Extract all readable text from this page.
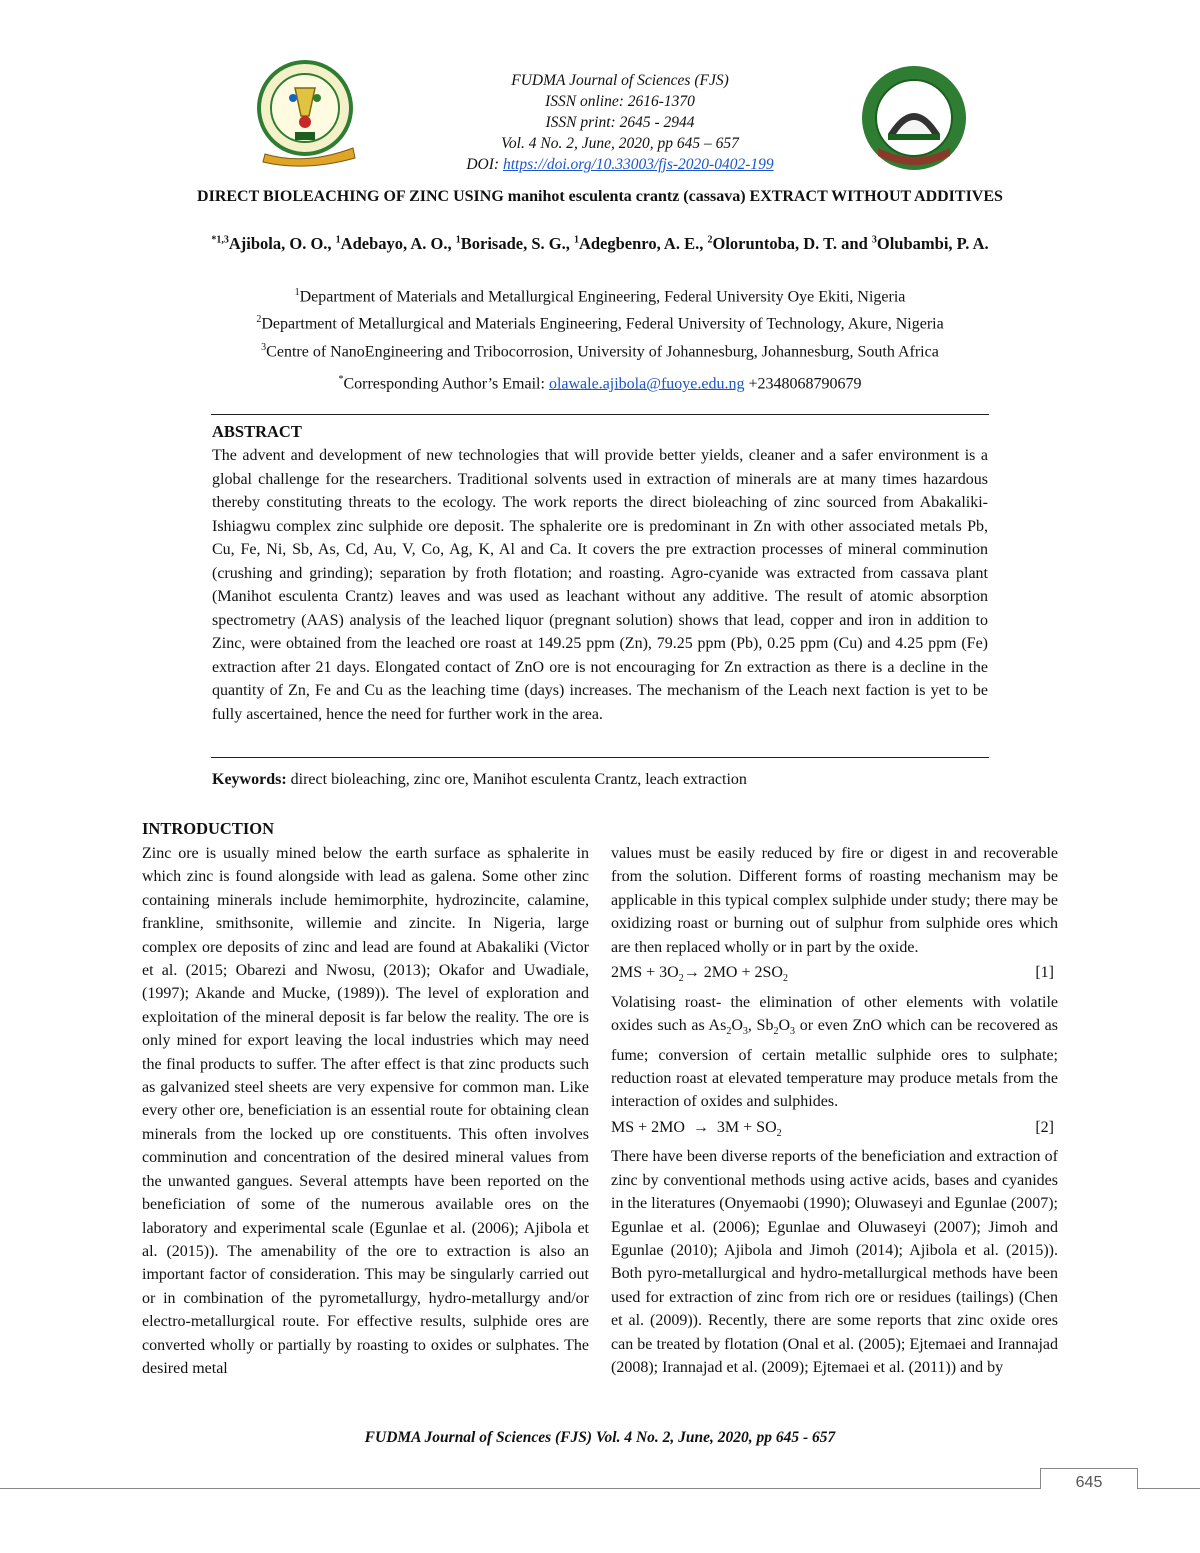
FUDMA Journal of Sciences (FJS)
ISSN online: 2616-1370
ISSN print: 2645 - 2944
Vol. 4 No. 2, June, 2020, pp 645 – 657
DOI: https://doi.org/10.33003/fjs-2020-0402-199
DIRECT BIOLEACHING OF ZINC USING manihot esculenta crantz (cassava) EXTRACT WITHOUT ADDITIVES
$^{*1,3}$Ajibola, O. O., $^1$Adebayo, A. O., $^1$Borisade, S. G., $^1$Adegbenro, A. E., $^2$Oloruntoba, D. T. and $^3$Olubambi, P. A.
$^1$Department of Materials and Metallurgical Engineering, Federal University Oye Ekiti, Nigeria
$^2$Department of Metallurgical and Materials Engineering, Federal University of Technology, Akure, Nigeria
$^3$Centre of NanoEngineering and Tribocorrosion, University of Johannesburg, Johannesburg, South Africa
*Corresponding Author’s Email: olawale.ajibola@fuoye.edu.ng +2348068790679
ABSTRACT
The advent and development of new technologies that will provide better yields, cleaner and a safer environment is a global challenge for the researchers. Traditional solvents used in extraction of minerals are at many times hazardous thereby constituting threats to the ecology. The work reports the direct bioleaching of zinc sourced from Abakaliki-Ishiagwu complex zinc sulphide ore deposit. The sphalerite ore is predominant in Zn with other associated metals Pb, Cu, Fe, Ni, Sb, As, Cd, Au, V, Co, Ag, K, Al and Ca. It covers the pre extraction processes of mineral comminution (crushing and grinding); separation by froth flotation; and roasting. Agro-cyanide was extracted from cassava plant (Manihot esculenta Crantz) leaves and was used as leachant without any additive. The result of atomic absorption spectrometry (AAS) analysis of the leached liquor (pregnant solution) shows that lead, copper and iron in addition to Zinc, were obtained from the leached ore roast at 149.25 ppm (Zn), 79.25 ppm (Pb), 0.25 ppm (Cu) and 4.25 ppm (Fe) extraction after 21 days. Elongated contact of ZnO ore is not encouraging for Zn extraction as there is a decline in the quantity of Zn, Fe and Cu as the leaching time (days) increases. The mechanism of the Leach next faction is yet to be fully ascertained, hence the need for further work in the area.
Keywords: direct bioleaching, zinc ore, Manihot esculenta Crantz, leach extraction
INTRODUCTION

Zinc ore is usually mined below the earth surface as sphalerite in which zinc is found alongside with lead as galena. Some other zinc containing minerals include hemimorphite, hydrozincite, calamine, frankline, smithsonite, willemie and zincite. In Nigeria, large complex ore deposits of zinc and lead are found at Abakaliki (Victor et al. (2015; Obarezi and Nwosu, (2013); Okafor and Uwadiale, (1997); Akande and Mucke, (1989)). The level of exploration and exploitation of the mineral deposit is far below the reality. The ore is only mined for export leaving the local industries which may need the final products to suffer. The after effect is that zinc products such as galvanized steel sheets are very expensive for common man. Like every other ore, beneficiation is an essential route for obtaining clean minerals from the locked up ore constituents. This often involves comminution and concentration of the desired mineral values from the unwanted gangues. Several attempts have been reported on the beneficiation of some of the numerous available ores on the laboratory and experimental scale (Egunlae et al. (2006); Ajibola et al. (2015)). The amenability of the ore to extraction is also an important factor of consideration. This may be singularly carried out or in combination of the pyrometallurgy, hydro-metallurgy and/or electro-metallurgical route. For effective results, sulphide ores are converted wholly or partially by roasting to oxides or sulphates. The desired metal

values must be easily reduced by fire or digest in and recoverable from the solution. Different forms of roasting mechanism may be applicable in this typical complex sulphide under study; there may be oxidizing roast or burning out of sulphur from sulphide ores which are then replaced wholly or in part by the oxide.

$2MS + 3O_2\to 2MO + 2SO_2$	[1]

Volatising roast- the elimination of other elements with volatile oxides such as $As_2O_3$, $Sb_2O_3$ or even ZnO which can be recovered as fume; conversion of certain metallic sulphide ores to sulphate; reduction roast at elevated temperature may produce metals from the interaction of oxides and sulphides.

MS + $2MO \to 3M + SO_2$	[2]

There have been diverse reports of the beneficiation and extraction of zinc by conventional methods using active acids, bases and cyanides in the literatures (Onyemaobi (1990); Oluwaseyi and Egunlae (2007); Egunlae et al. (2006); Egunlae and Oluwaseyi (2007); Jimoh and Egunlae (2010); Ajibola and Jimoh (2014); Ajibola et al. (2015)). Both pyro-metallurgical and hydro-metallurgical methods have been used for extraction of zinc from rich ore or residues (tailings) (Chen et al. (2009)). Recently, there are some reports that zinc oxide ores can be treated by flotation (Onal et al. (2005); Ejtemaei and Irannajad (2008); Irannajad et al. (2009); Ejtemaei et al. (2011)) and by

FUDMA Journal of Sciences (FJS) Vol. 4 No. 2, June, 2020, pp 645 - 657
645
